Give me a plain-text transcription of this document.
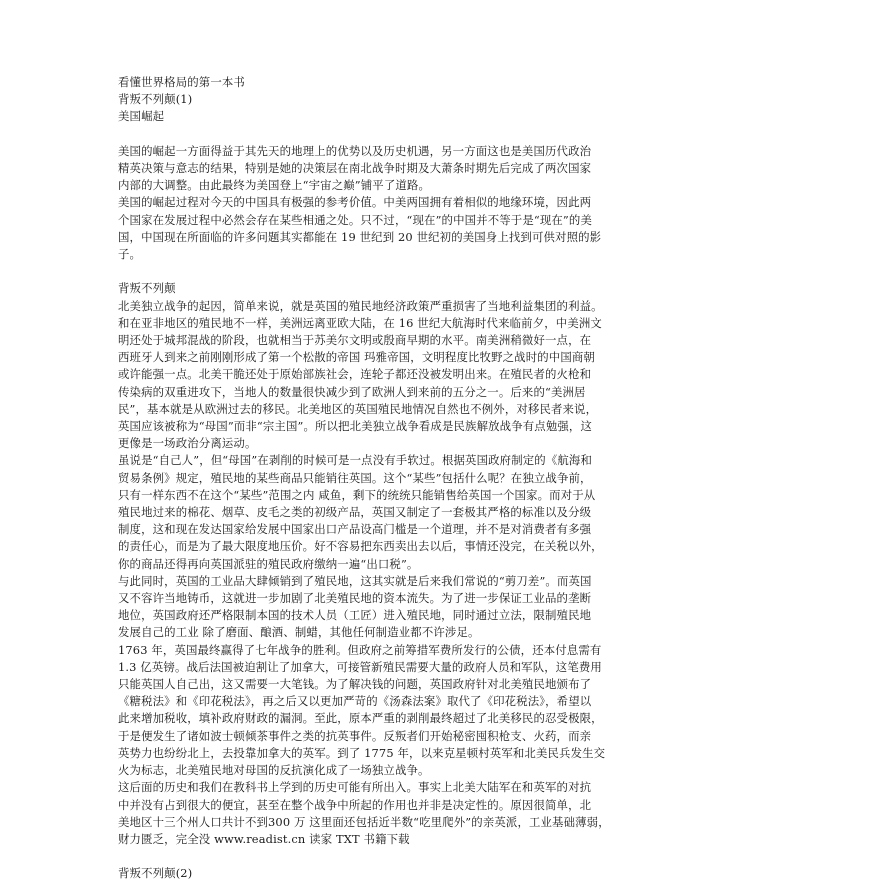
看懂世界格局的第一本书
背叛不列颠(1)
美国崛起
美国的崛起一方面得益于其先天的地理上的优势以及历史机遇，另一方面这也是美国历代政治
精英决策与意志的结果，特别是她的决策层在南北战争时期及大萧条时期先后完成了两次国家
内部的大调整。由此最终为美国登上“宇宙之巅”铺平了道路。
美国的崛起过程对今天的中国具有极强的参考价值。中美两国拥有着相似的地缘环境，因此两
个国家在发展过程中必然会存在某些相通之处。只不过，“现在”的中国并不等于是“现在”的美
国，中国现在所面临的许多问题其实都能在 19 世纪到 20 世纪初的美国身上找到可供对照的影
子。
背叛不列颠
北美独立战争的起因，简单来说，就是英国的殖民地经济政策严重损害了当地利益集团的利益。
和在亚非地区的殖民地不一样，美洲远离亚欧大陆，在 16 世纪大航海时代来临前夕，中美洲文
明还处于城邦混战的阶段，也就相当于苏美尔文明或殷商早期的水平。南美洲稍微好一点，在
西班牙人到来之前刚刚形成了第一个松散的帝国 玛雅帝国，文明程度比牧野之战时的中国商朝
或许能强一点。北美干脆还处于原始部族社会，连轮子都还没被发明出来。在殖民者的火枪和
传染病的双重进攻下，当地人的数量很快减少到了欧洲人到来前的五分之一。后来的“美洲居
民”，基本就是从欧洲过去的移民。北美地区的英国殖民地情况自然也不例外，对移民者来说，
英国应该被称为“母国”而非“宗主国”。所以把北美独立战争看成是民族解放战争有点勉强，这
更像是一场政治分离运动。
虽说是“自己人”，但“母国”在剥削的时候可是一点没有手软过。根据英国政府制定的《航海和
贸易条例》规定，殖民地的某些商品只能销往英国。这个“某些”包括什么呢？在独立战争前，
只有一样东西不在这个“某些”范围之内 咸鱼，剩下的统统只能销售给英国一个国家。而对于从
殖民地过来的棉花、烟草、皮毛之类的初级产品，英国又制定了一套极其严格的标准以及分级
制度，这和现在发达国家给发展中国家出口产品设高门槛是一个道理，并不是对消费者有多强
的责任心，而是为了最大限度地压价。好不容易把东西卖出去以后，事情还没完，在关税以外，
你的商品还得再向英国派驻的殖民政府缴纳一遍“出口税”。
与此同时，英国的工业品大肆倾销到了殖民地，这其实就是后来我们常说的“剪刀差”。而英国
又不容许当地铸币，这就进一步加剧了北美殖民地的资本流失。为了进一步保证工业品的垄断
地位，英国政府还严格限制本国的技术人员（工匠）进入殖民地，同时通过立法，限制殖民地
发展自己的工业 除了磨面、酿酒、制蜡，其他任何制造业都不许涉足。
1763 年，英国最终赢得了七年战争的胜利。但政府之前筹措军费所发行的公债，还本付息需有
1.3 亿英镑。战后法国被迫割让了加拿大，可接管新殖民需要大量的政府人员和军队，这笔费用
只能英国人自己出，这又需要一大笔钱。为了解决钱的问题，英国政府针对北美殖民地颁布了
《糖税法》和《印花税法》，再之后又以更加严苛的《汤森法案》取代了《印花税法》，希望以
此来增加税收，填补政府财政的漏洞。至此，原本严重的剥削最终超过了北美移民的忍受极限，
于是便发生了诸如波士顿倾茶事件之类的抗英事件。反叛者们开始秘密囤积枪支、火药，而亲
英势力也纷纷北上，去投靠加拿大的英军。到了 1775 年，以来克星顿村英军和北美民兵发生交
火为标志，北美殖民地对母国的反抗演化成了一场独立战争。
这后面的历史和我们在教科书上学到的历史可能有所出入。事实上北美大陆军在和英军的对抗
中并没有占到很大的便宜，甚至在整个战争中所起的作用也并非是决定性的。原因很简单，北
美地区十三个州人口共计不到300 万 这里面还包括近半数“吃里爬外”的亲英派，工业基础薄弱，
财力匮乏，完全没 www.readist.cn 读家 TXT 书籍下载
背叛不列颠(2)
